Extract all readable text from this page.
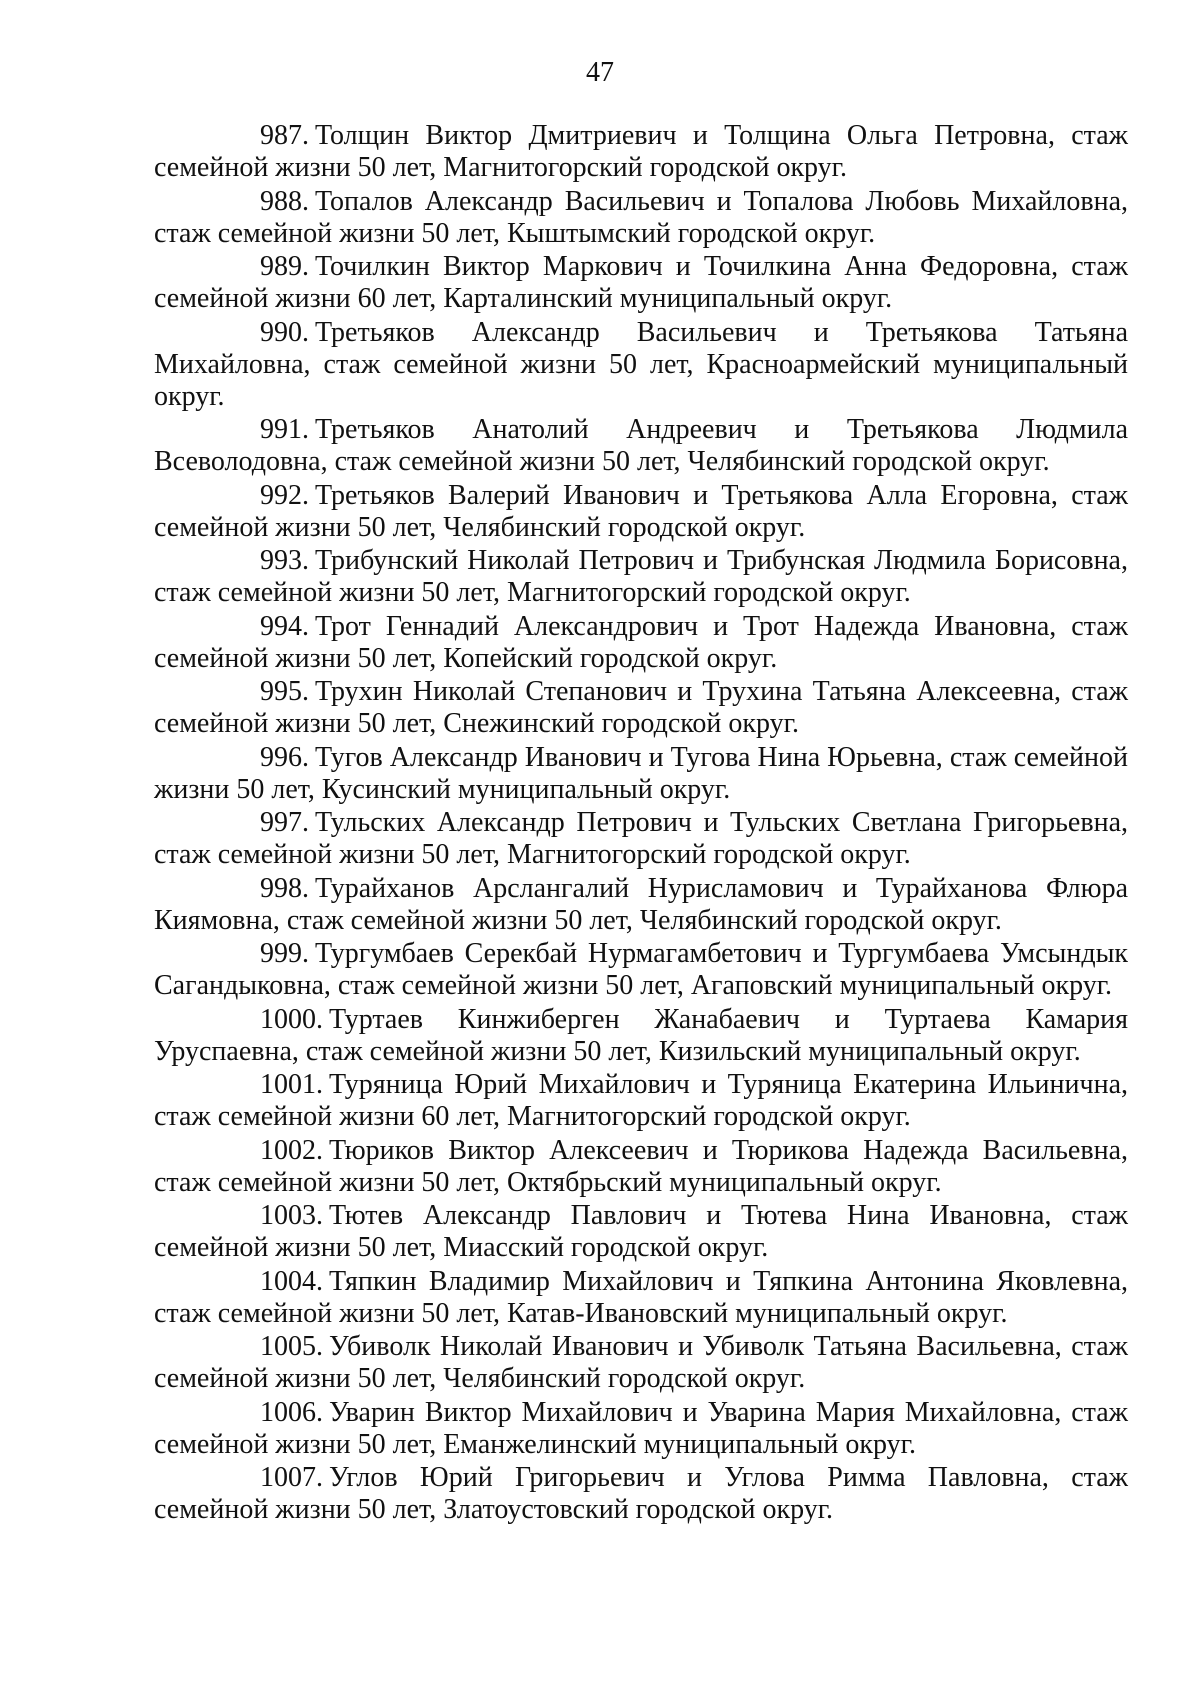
47

987. Толщин Виктор Дмитриевич и Толщина Ольга Петровна, стаж семейной жизни 50 лет, Магнитогорский городской округ.

988. Топалов Александр Васильевич и Топалова Любовь Михайловна, стаж семейной жизни 50 лет, Кыштымский городской округ.

989. Точилкин Виктор Маркович и Точилкина Анна Федоровна, стаж семейной жизни 60 лет, Карталинский муниципальный округ.

990. Третьяков Александр Васильевич и Третьякова Татьяна Михайловна, стаж семейной жизни 50 лет, Красноармейский муниципальный округ.

991. Третьяков Анатолий Андреевич и Третьякова Людмила Всеволодовна, стаж семейной жизни 50 лет, Челябинский городской округ.

992. Третьяков Валерий Иванович и Третьякова Алла Егоровна, стаж семейной жизни 50 лет, Челябинский городской округ.

993. Трибунский Николай Петрович и Трибунская Людмила Борисовна, стаж семейной жизни 50 лет, Магнитогорский городской округ.

994. Трот Геннадий Александрович и Трот Надежда Ивановна, стаж семейной жизни 50 лет, Копейский городской округ.

995. Трухин Николай Степанович и Трухина Татьяна Алексеевна, стаж семейной жизни 50 лет, Снежинский городской округ.

996. Тугов Александр Иванович и Тугова Нина Юрьевна, стаж семейной жизни 50 лет, Кусинский муниципальный округ.

997. Тульских Александр Петрович и Тульских Светлана Григорьевна, стаж семейной жизни 50 лет, Магнитогорский городской округ.

998. Турайханов Арслангалий Нурисламович и Турайханова Флюра Киямовна, стаж семейной жизни 50 лет, Челябинский городской округ.

999. Тургумбаев Серекбай Нурмагамбетович и Тургумбаева Умсындык Сагандыковна, стаж семейной жизни 50 лет, Агаповский муниципальный округ.

1000. Туртаев Кинжиберген Жанабаевич и Туртаева Камария Уруспаевна, стаж семейной жизни 50 лет, Кизильский муниципальный округ.

1001. Туряница Юрий Михайлович и Туряница Екатерина Ильинична, стаж семейной жизни 60 лет, Магнитогорский городской округ.

1002. Тюриков Виктор Алексеевич и Тюрикова Надежда Васильевна, стаж семейной жизни 50 лет, Октябрьский муниципальный округ.

1003. Тютев Александр Павлович и Тютева Нина Ивановна, стаж семейной жизни 50 лет, Миасский городской округ.

1004. Тяпкин Владимир Михайлович и Тяпкина Антонина Яковлевна, стаж семейной жизни 50 лет, Катав-Ивановский муниципальный округ.

1005. Убиволк Николай Иванович и Убиволк Татьяна Васильевна, стаж семейной жизни 50 лет, Челябинский городской округ.

1006. Уварин Виктор Михайлович и Уварина Мария Михайловна, стаж семейной жизни 50 лет, Еманжелинский муниципальный округ.

1007. Углов Юрий Григорьевич и Углова Римма Павловна, стаж семейной жизни 50 лет, Златоустовский городской округ.
